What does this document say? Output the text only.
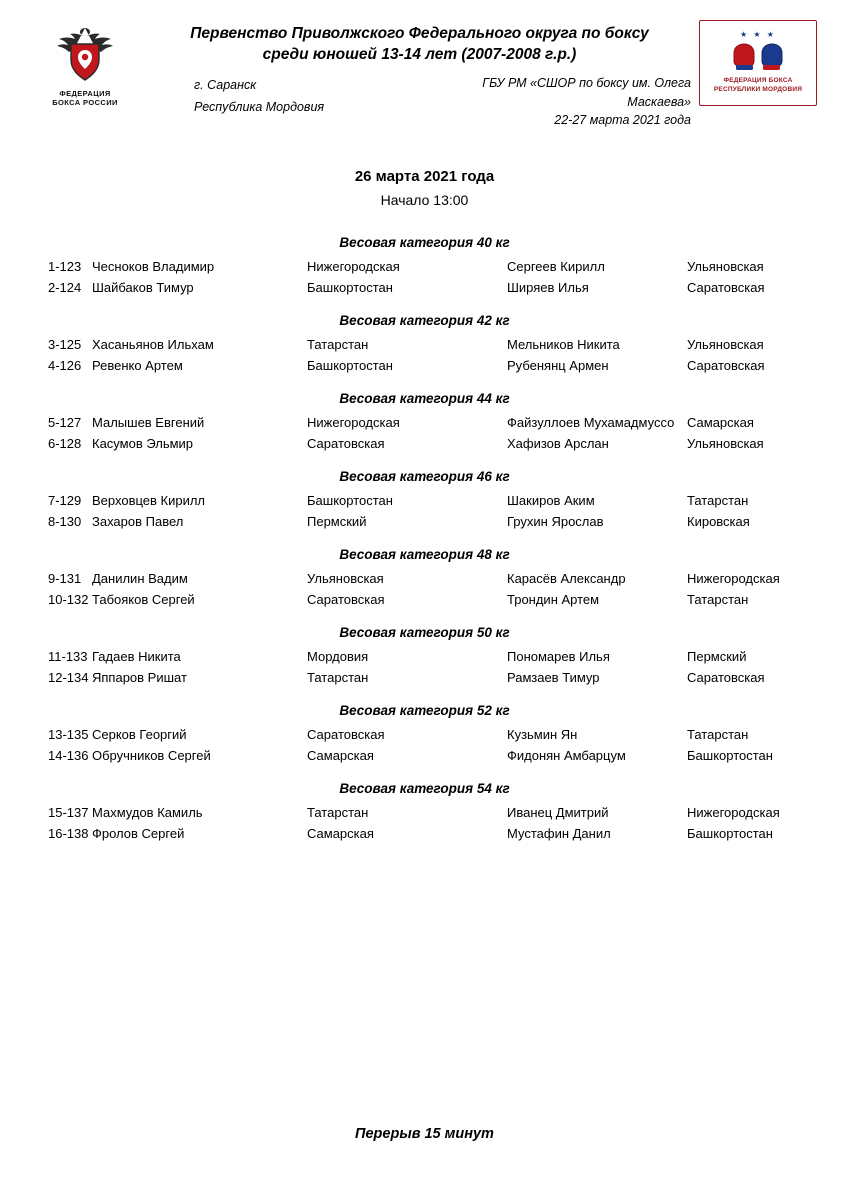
ФЕДЕРАЦИЯ
БОКСА РОССИИ
Первенство Приволжского Федерального округа по боксу
среди юношей 13-14 лет (2007-2008 г.р.)
г. Саранск
Республика Мордовия
ГБУ РМ «СШОР по боксу им. Олега
Маскаева»
22-27 марта 2021 года
★ ★ ★
ФЕДЕРАЦИЯ БОКСА
РЕСПУБЛИКИ МОРДОВИЯ
26 марта 2021 года
Начало 13:00
Весовая категория 40 кг
1-123 Чесноков Владимир	Нижегородская	Сергеев Кирилл	Ульяновская
2-124 Шайбаков Тимур	Башкортостан	Ширяев Илья	Саратовская
Весовая категория 42 кг
3-125 Хасаньянов Ильхам	Татарстан	Мельников Никита	Ульяновская
4-126 Ревенко Артем	Башкортостан	Рубенянц Армен	Саратовская
Весовая категория 44 кг
5-127 Малышев Евгений	Нижегородская	Файзуллоев Мухамадмуссо Самарская
6-128 Касумов Эльмир	Саратовская	Хафизов Арслан	Ульяновская
Весовая категория 46 кг
7-129 Верховцев Кирилл	Башкортостан	Шакиров Аким	Татарстан
8-130 Захаров Павел	Пермский	Грухин Ярослав	Кировская
Весовая категория 48 кг
9-131 Данилин Вадим	Ульяновская	Карасёв Александр	Нижегородская
10-132 Табояков Сергей	Саратовская	Трондин Артем	Татарстан
Весовая категория 50 кг
11-133 Гадаев Никита	Мордовия	Пономарев Илья	Пермский
12-134 Яппаров Ришат	Татарстан	Рамзаев Тимур	Саратовская
Весовая категория 52 кг
13-135 Серков Георгий	Саратовская	Кузьмин Ян	Татарстан
14-136 Обручников Сергей	Самарская	Фидонян Амбарцум	Башкортостан
Весовая категория 54 кг
15-137 Махмудов Камиль	Татарстан	Иванец Дмитрий	Нижегородская
16-138 Фролов Сергей	Самарская	Мустафин Данил	Башкортостан
Перерыв 15 минут
